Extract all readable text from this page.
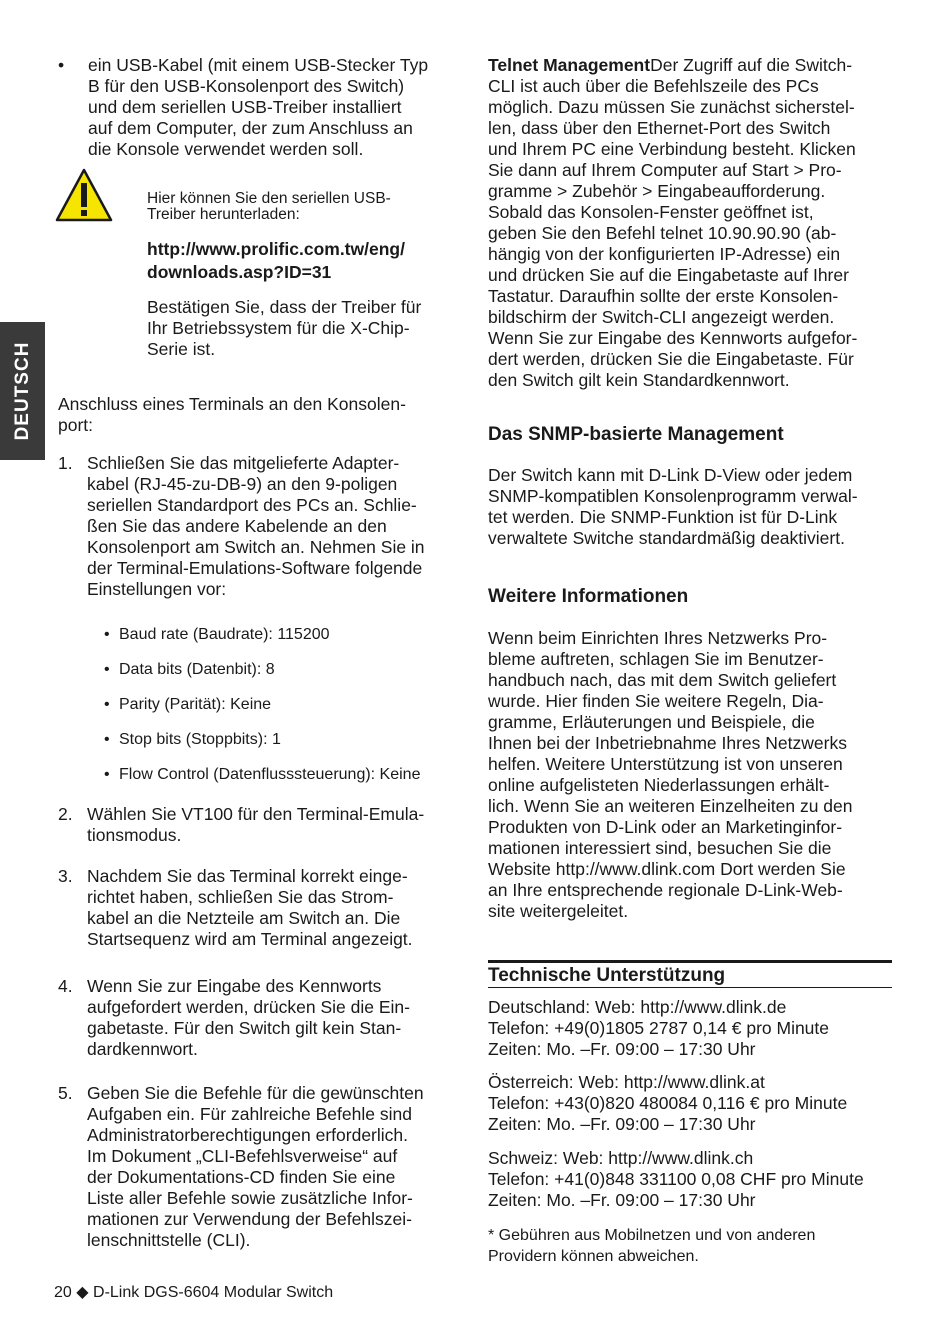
DEUTSCH
•	ein USB-Kabel (mit einem USB-Stecker Typ
B für den USB-Konsolenport des Switch)
und dem seriellen USB-Treiber installiert
auf dem Computer, der zum Anschluss an
die Konsole verwendet werden soll.
Hier können Sie den seriellen USB-
Treiber herunterladen:
http://www.prolific.com.tw/eng/
downloads.asp?ID=31
Bestätigen Sie, dass der Treiber für
Ihr Betriebssystem für die X-Chip-
Serie ist.
Anschluss eines Terminals an den Konsolen-
port:
1. Schließen Sie das mitgelieferte Adapter-
kabel (RJ-45-zu-DB-9) an den 9-poligen
seriellen Standardport des PCs an. Schlie-
ßen Sie das andere Kabelende an den
Konsolenport am Switch an. Nehmen Sie in
der Terminal-Emulations-Software folgende
Einstellungen vor:
• Baud rate (Baudrate): 115200
• Data bits (Datenbit): 8
• Parity (Parität): Keine
• Stop bits (Stoppbits): 1
• Flow Control (Datenflusssteuerung): Keine
2. Wählen Sie VT100 für den Terminal-Emula-
tionsmodus.
3. Nachdem Sie das Terminal korrekt einge-
richtet haben, schließen Sie das Strom-
kabel an die Netzteile am Switch an. Die
Startsequenz wird am Terminal angezeigt.
4. Wenn Sie zur Eingabe des Kennworts
aufgefordert werden, drücken Sie die Ein-
gabetaste. Für den Switch gilt kein Stan-
dardkennwort.
5. Geben Sie die Befehle für die gewünschten
Aufgaben ein. Für zahlreiche Befehle sind
Administratorberechtigungen erforderlich.
Im Dokument „CLI-Befehlsverweise“ auf
der Dokumentations-CD finden Sie eine
Liste aller Befehle sowie zusätzliche Infor-
mationen zur Verwendung der Befehlszei-
lenschnittstelle (CLI).
20 ◆ D-Link DGS-6604 Modular Switch
Telnet ManagementDer Zugriff auf die Switch-
CLI ist auch über die Befehlszeile des PCs
möglich. Dazu müssen Sie zunächst sicherstel-
len, dass über den Ethernet-Port des Switch
und Ihrem PC eine Verbindung besteht. Klicken
Sie dann auf Ihrem Computer auf Start > Pro-
gramme > Zubehör > Eingabeaufforderung.
Sobald das Konsolen-Fenster geöffnet ist,
geben Sie den Befehl telnet 10.90.90.90 (ab-
hängig von der konfigurierten IP-Adresse) ein
und drücken Sie auf die Eingabetaste auf Ihrer
Tastatur. Daraufhin sollte der erste Konsolen-
bildschirm der Switch-CLI angezeigt werden.
Wenn Sie zur Eingabe des Kennworts aufgefor-
dert werden, drücken Sie die Eingabetaste. Für
den Switch gilt kein Standardkennwort.
Das SNMP-basierte Management
Der Switch kann mit D-Link D-View oder jedem
SNMP-kompatiblen Konsolenprogramm verwal-
tet werden. Die SNMP-Funktion ist für D-Link
verwaltete Switche standardmäßig deaktiviert.
Weitere Informationen
Wenn beim Einrichten Ihres Netzwerks Pro-
bleme auftreten, schlagen Sie im Benutzer-
handbuch nach, das mit dem Switch geliefert
wurde. Hier finden Sie weitere Regeln, Dia-
gramme, Erläuterungen und Beispiele, die
Ihnen bei der Inbetriebnahme Ihres Netzwerks
helfen. Weitere Unterstützung ist von unseren
online aufgelisteten Niederlassungen erhält-
lich. Wenn Sie an weiteren Einzelheiten zu den
Produkten von D-Link oder an Marketinginfor-
mationen interessiert sind, besuchen Sie die
Website http://www.dlink.com Dort werden Sie
an Ihre entsprechende regionale D-Link-Web-
site weitergeleitet.
Technische Unterstützung
Deutschland: Web: http://www.dlink.de
Telefon: +49(0)1805 2787 0,14 € pro Minute
Zeiten: Mo. –Fr. 09:00 – 17:30 Uhr
Österreich: Web: http://www.dlink.at
Telefon: +43(0)820 480084 0,116 € pro Minute
Zeiten: Mo. –Fr. 09:00 – 17:30 Uhr
Schweiz: Web: http://www.dlink.ch
Telefon: +41(0)848 331100 0,08 CHF pro Minute
Zeiten: Mo. –Fr. 09:00 – 17:30 Uhr
* Gebühren aus Mobilnetzen und von anderen
Providern können abweichen.
